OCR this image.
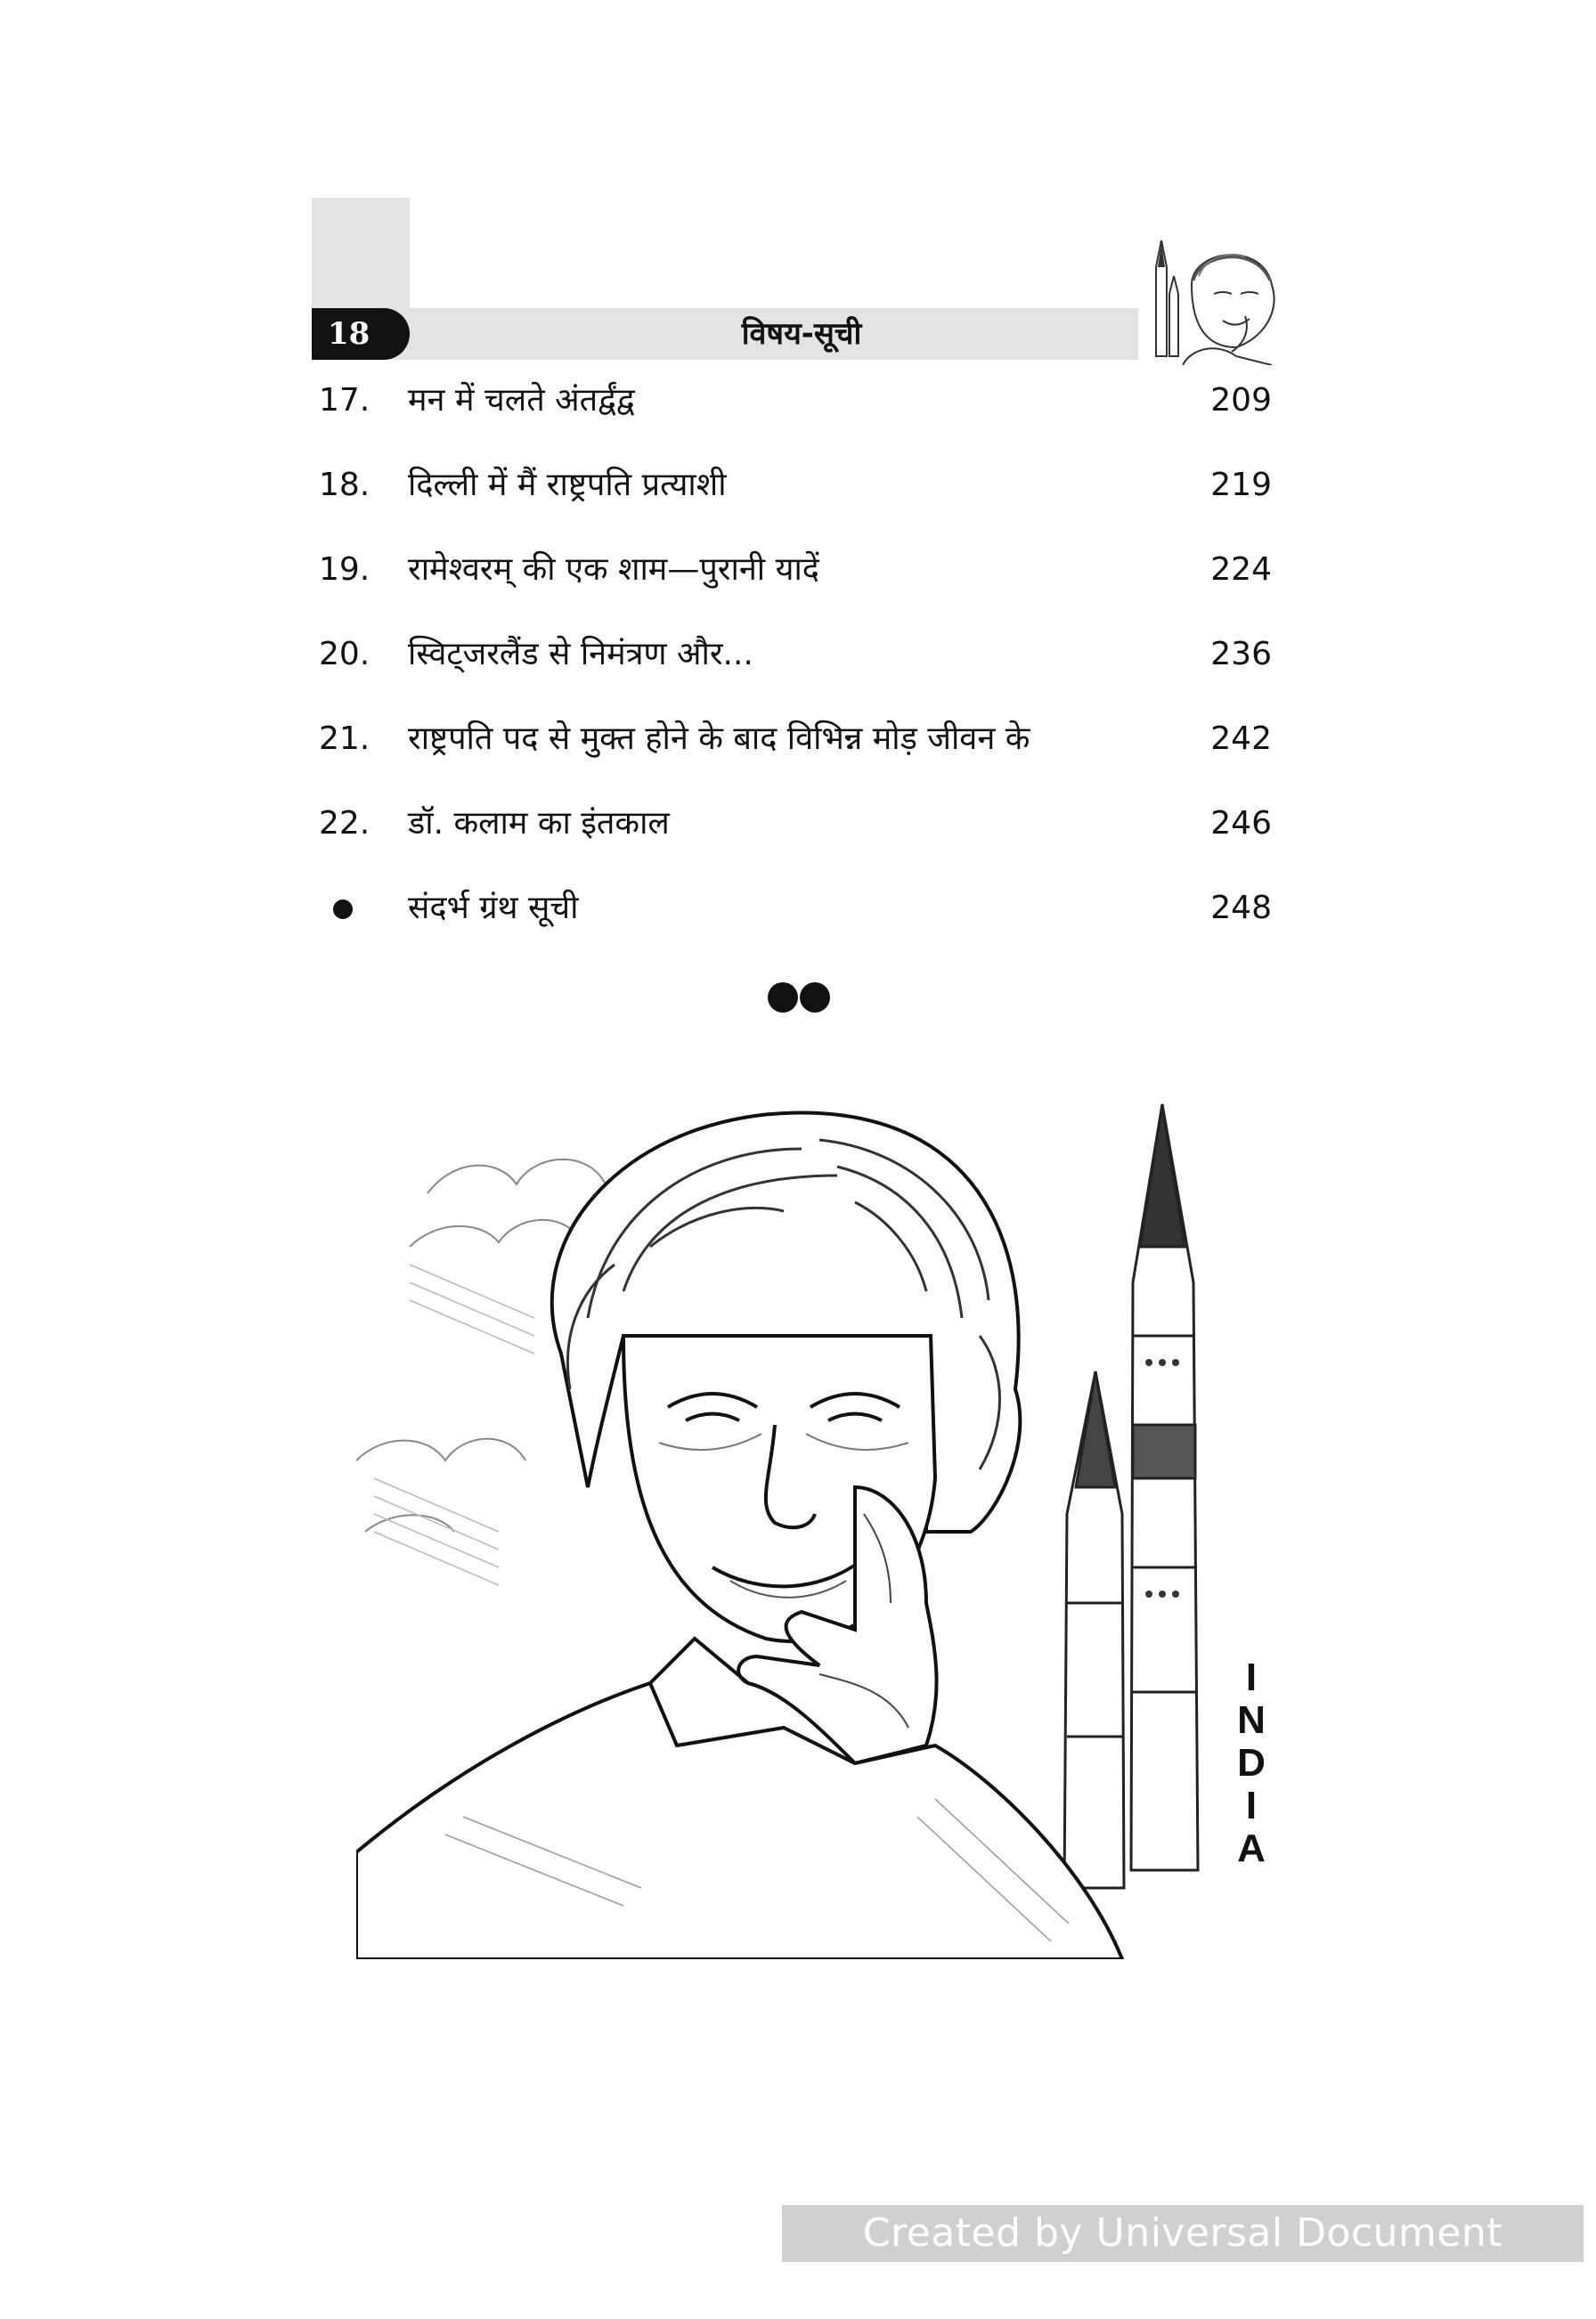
18	विषय-सूची
17.	मन में चलते अंतर्द्वंद्व	209
18.	दिल्ली में मैं राष्ट्रपति प्रत्याशी	219
19.	रामेश्वरम् की एक शाम—पुरानी यादें	224
20.	स्विट्जरलैंड से निमंत्रण और...	236
21.	राष्ट्रपति पद से मुक्त होने के बाद विभिन्न मोड़ जीवन के	242
22.	डॉ. कलाम का इंतकाल	246
संदर्भ ग्रंथ सूची	248
I
N
D
I
A
Created by Universal Document Converter
